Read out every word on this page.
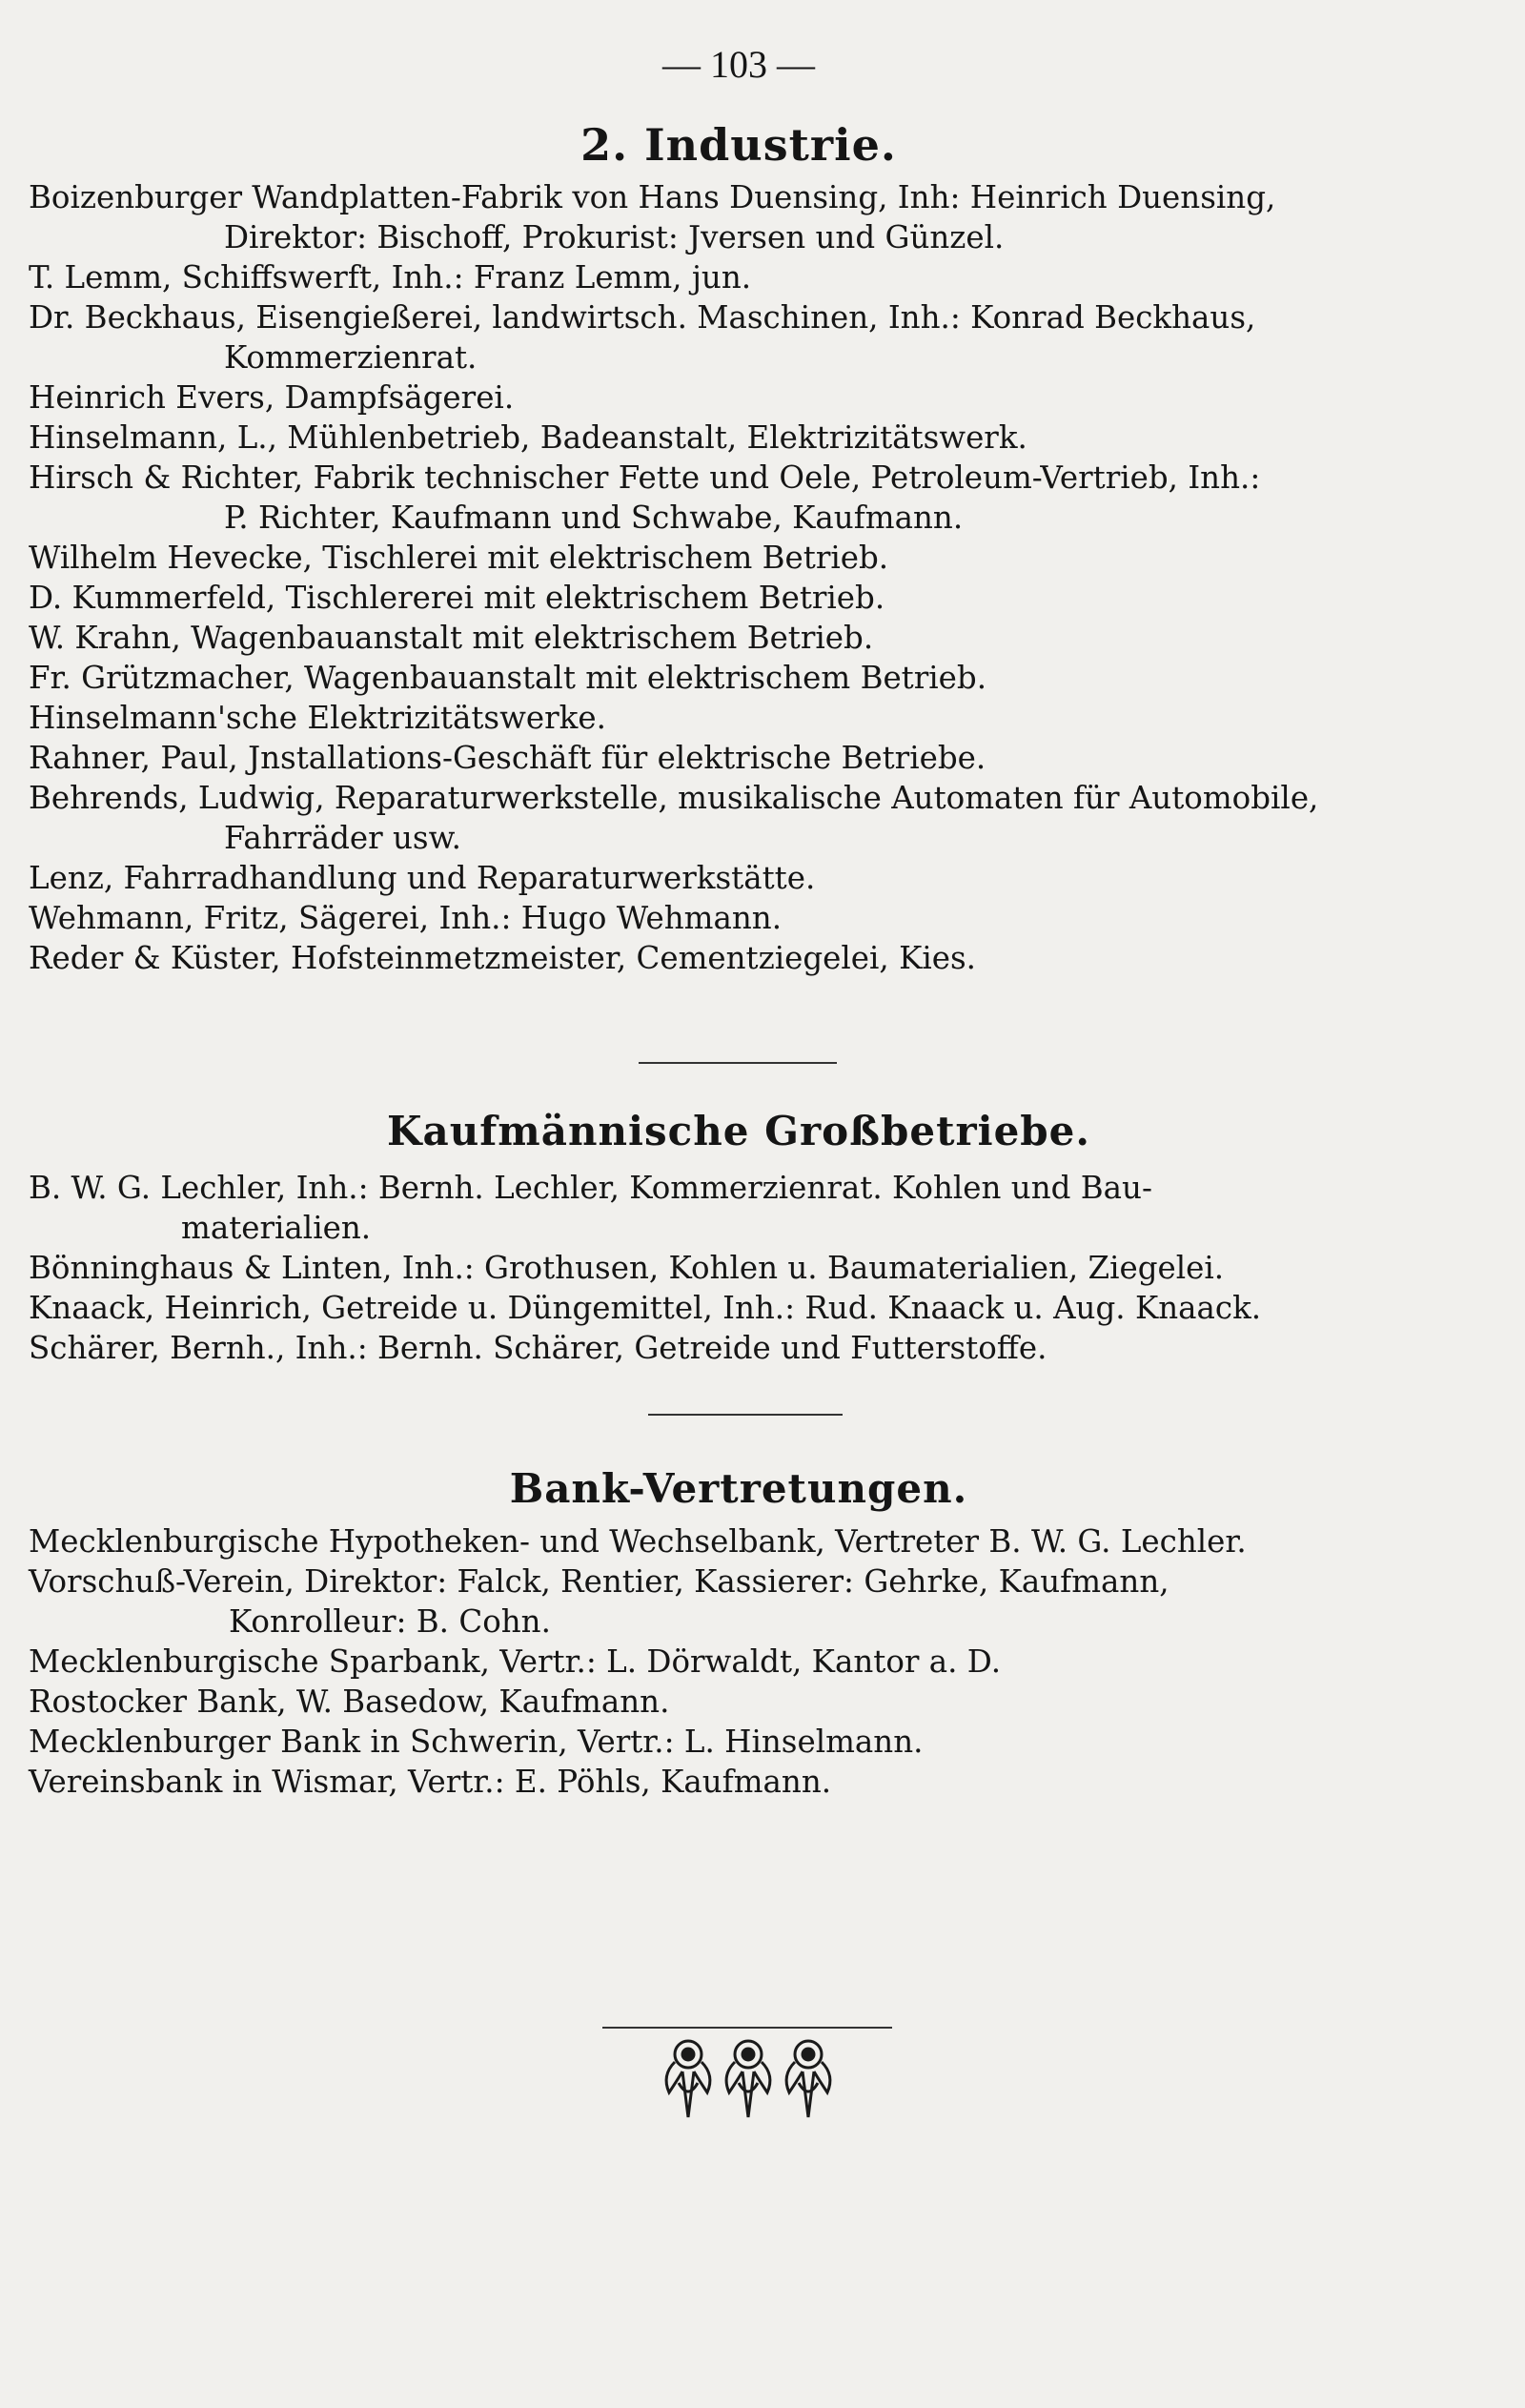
— 103 —
2. Industrie.
Boizenburger Wandplatten-Fabrik von Hans Duensing, Inh: Heinrich Duensing,
Direktor: Bischoff, Prokurist: Jversen und Günzel.
T. Lemm, Schiffswerft, Inh.: Franz Lemm, jun.
Dr. Beckhaus, Eisengießerei, landwirtsch. Maschinen, Inh.: Konrad Beckhaus,
Kommerzienrat.
Heinrich Evers, Dampfsägerei.
Hinselmann, L., Mühlenbetrieb, Badeanstalt, Elektrizitätswerk.
Hirsch & Richter, Fabrik technischer Fette und Oele, Petroleum-Vertrieb, Inh.:
P. Richter, Kaufmann und Schwabe, Kaufmann.
Wilhelm Hevecke, Tischlerei mit elektrischem Betrieb.
D. Kummerfeld, Tischlererei mit elektrischem Betrieb.
W. Krahn, Wagenbauanstalt mit elektrischem Betrieb.
Fr. Grützmacher, Wagenbauanstalt mit elektrischem Betrieb.
Hinselmann'sche Elektrizitätswerke.
Rahner, Paul, Jnstallations-Geschäft für elektrische Betriebe.
Behrends, Ludwig, Reparaturwerkstelle, musikalische Automaten für Automobile,
Fahrräder usw.
Lenz, Fahrradhandlung und Reparaturwerkstätte.
Wehmann, Fritz, Sägerei, Inh.: Hugo Wehmann.
Reder & Küster, Hofsteinmetzmeister, Cementziegelei, Kies.
Kaufmännische Großbetriebe.
B. W. G. Lechler, Inh.: Bernh. Lechler, Kommerzienrat. Kohlen und Bau-
materialien.
Bönninghaus & Linten, Inh.: Grothusen, Kohlen u. Baumaterialien, Ziegelei.
Knaack, Heinrich, Getreide u. Düngemittel, Inh.: Rud. Knaack u. Aug. Knaack.
Schärer, Bernh., Inh.: Bernh. Schärer, Getreide und Futterstoffe.
Bank-Vertretungen.
Mecklenburgische Hypotheken- und Wechselbank, Vertreter B. W. G. Lechler.
Vorschuß-Verein, Direktor: Falck, Rentier, Kassierer: Gehrke, Kaufmann,
Konrolleur: B. Cohn.
Mecklenburgische Sparbank, Vertr.: L. Dörwaldt, Kantor a. D.
Rostocker Bank, W. Basedow, Kaufmann.
Mecklenburger Bank in Schwerin, Vertr.: L. Hinselmann.
Vereinsbank in Wismar, Vertr.: E. Pöhls, Kaufmann.
